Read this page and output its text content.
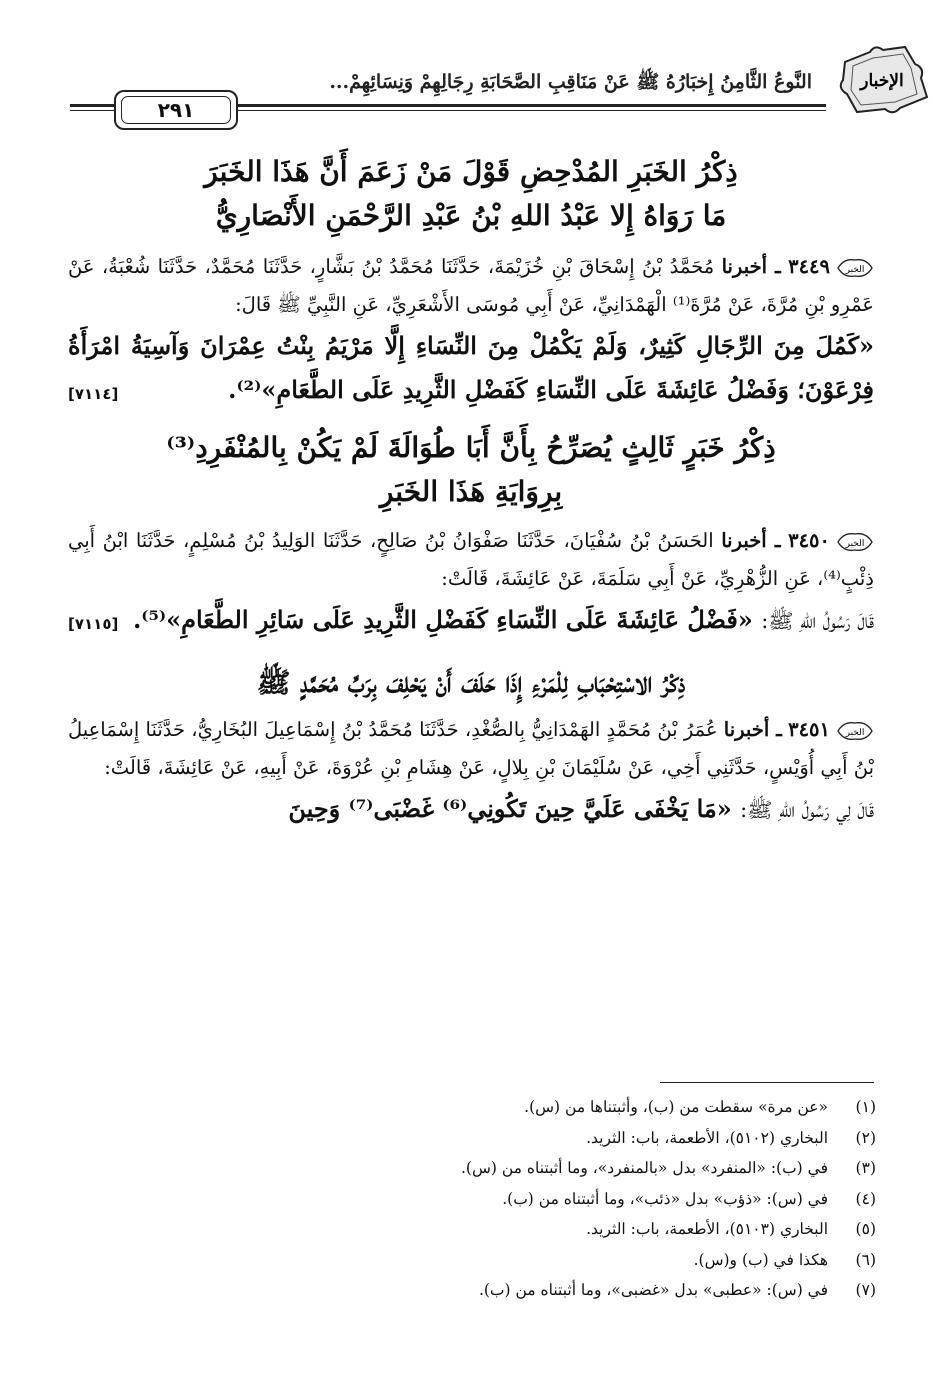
الإخبار
النَّوعُ الثَّامِنُ إِخبَارُهُ ﷺ عَنْ مَنَاقِبِ الصَّحَابَةِ رِجَالِهِمْ وَنِسَائِهِمْ...
٢٩١

ذِكْرُ الخَبَرِ المُدْحِضِ قَوْلَ مَنْ زَعَمَ أَنَّ هَذَا الخَبَرَ
مَا رَوَاهُ إِلا عَبْدُ اللهِ بْنُ عَبْدِ الرَّحْمَنِ الأَنْصَارِيُّ

الخبر
٣٤٤٩ ـ أخبرنا مُحَمَّدُ بْنُ إِسْحَاقَ بْنِ خُزَيْمَةَ، حَدَّثَنَا مُحَمَّدُ بْنُ بَشَّارٍ، حَدَّثَنَا مُحَمَّدٌ، حَدَّثَنَا شُعْبَةُ، عَنْ عَمْرِو بْنِ مُرَّةَ، عَنْ مُرَّةَ⁽¹⁾ الْهَمْدَانِيِّ، عَنْ أَبِي مُوسَى الأَشْعَرِيِّ، عَنِ النَّبِيِّ ﷺ قَالَ:

«كَمُلَ مِنَ الرِّجَالِ كَثِيرٌ، وَلَمْ يَكْمُلْ مِنَ النِّسَاءِ إِلَّا مَرْيَمُ بِنْتُ عِمْرَانَ وَآسِيَةُ امْرَأَةُ فِرْعَوْنَ؛ وَفَضْلُ عَائِشَةَ عَلَى النِّسَاءِ كَفَضْلِ الثَّرِيدِ عَلَى الطَّعَامِ»⁽²⁾.
[٧١١٤]

ذِكْرُ خَبَرٍ ثَالِثٍ يُصَرِّحُ بِأَنَّ أَبَا طُوَالَةَ لَمْ يَكُنْ بِالمُنْفَرِدِ⁽³⁾
بِرِوَايَةِ هَذَا الخَبَرِ

الخبر
٣٤٥٠ ـ أخبرنا الحَسَنُ بْنُ سُفْيَانَ، حَدَّثَنَا صَفْوَانُ بْنُ صَالِحٍ، حَدَّثَنَا الوَلِيدُ بْنُ مُسْلِمٍ، حَدَّثَنَا ابْنُ أَبِي ذِئْبٍ⁽⁴⁾، عَنِ الزُّهْرِيِّ، عَنْ أَبِي سَلَمَةَ، عَنْ عَائِشَةَ، قَالَتْ:

قَالَ رَسُولُ اللهِ ﷺ: «فَضْلُ عَائِشَةَ عَلَى النِّسَاءِ كَفَضْلِ الثَّرِيدِ عَلَى سَائِرِ الطَّعَامِ»⁽⁵⁾.
[٧١١٥]

ذِكْرُ الاسْتِحْبَابِ لِلْمَرْءِ إِذَا حَلَفَ أَنْ يَحْلِفَ بِرَبِّ مُحَمَّدٍ ﷺ

الخبر
٣٤٥١ ـ أخبرنا عُمَرُ بْنُ مُحَمَّدٍ الهَمْدَانِيُّ بِالصُّغْدِ، حَدَّثَنَا مُحَمَّدُ بْنُ إِسْمَاعِيلَ البُخَارِيُّ، حَدَّثَنَا إِسْمَاعِيلُ بْنُ أَبِي أُوَيْسٍ، حَدَّثَنِي أَخِي، عَنْ سُلَيْمَانَ بْنِ بِلالٍ، عَنْ هِشَامِ بْنِ عُرْوَةَ، عَنْ أَبِيهِ، عَنْ عَائِشَةَ، قَالَتْ:

قَالَ لِي رَسُولُ اللهِ ﷺ: «مَا يَخْفَى عَلَيَّ حِينَ تَكُونِي⁽⁶⁾ غَضْبَى⁽⁷⁾ وَحِينَ

(١)«عن مرة» سقطت من (ب)، وأثبتناها من (س).
(٢)البخاري (٥١٠٢)، الأطعمة، باب: الثريد.
(٣)في (ب): «المنفرد» بدل «بالمنفرد»، وما أثبتناه من (س).
(٤)في (س): «ذؤب» بدل «ذئب»، وما أثبتناه من (ب).
(٥)البخاري (٥١٠٣)، الأطعمة، باب: الثريد.
(٦)هكذا في (ب) و(س).
(٧)في (س): «عطبى» بدل «غضبى»، وما أثبتناه من (ب).
